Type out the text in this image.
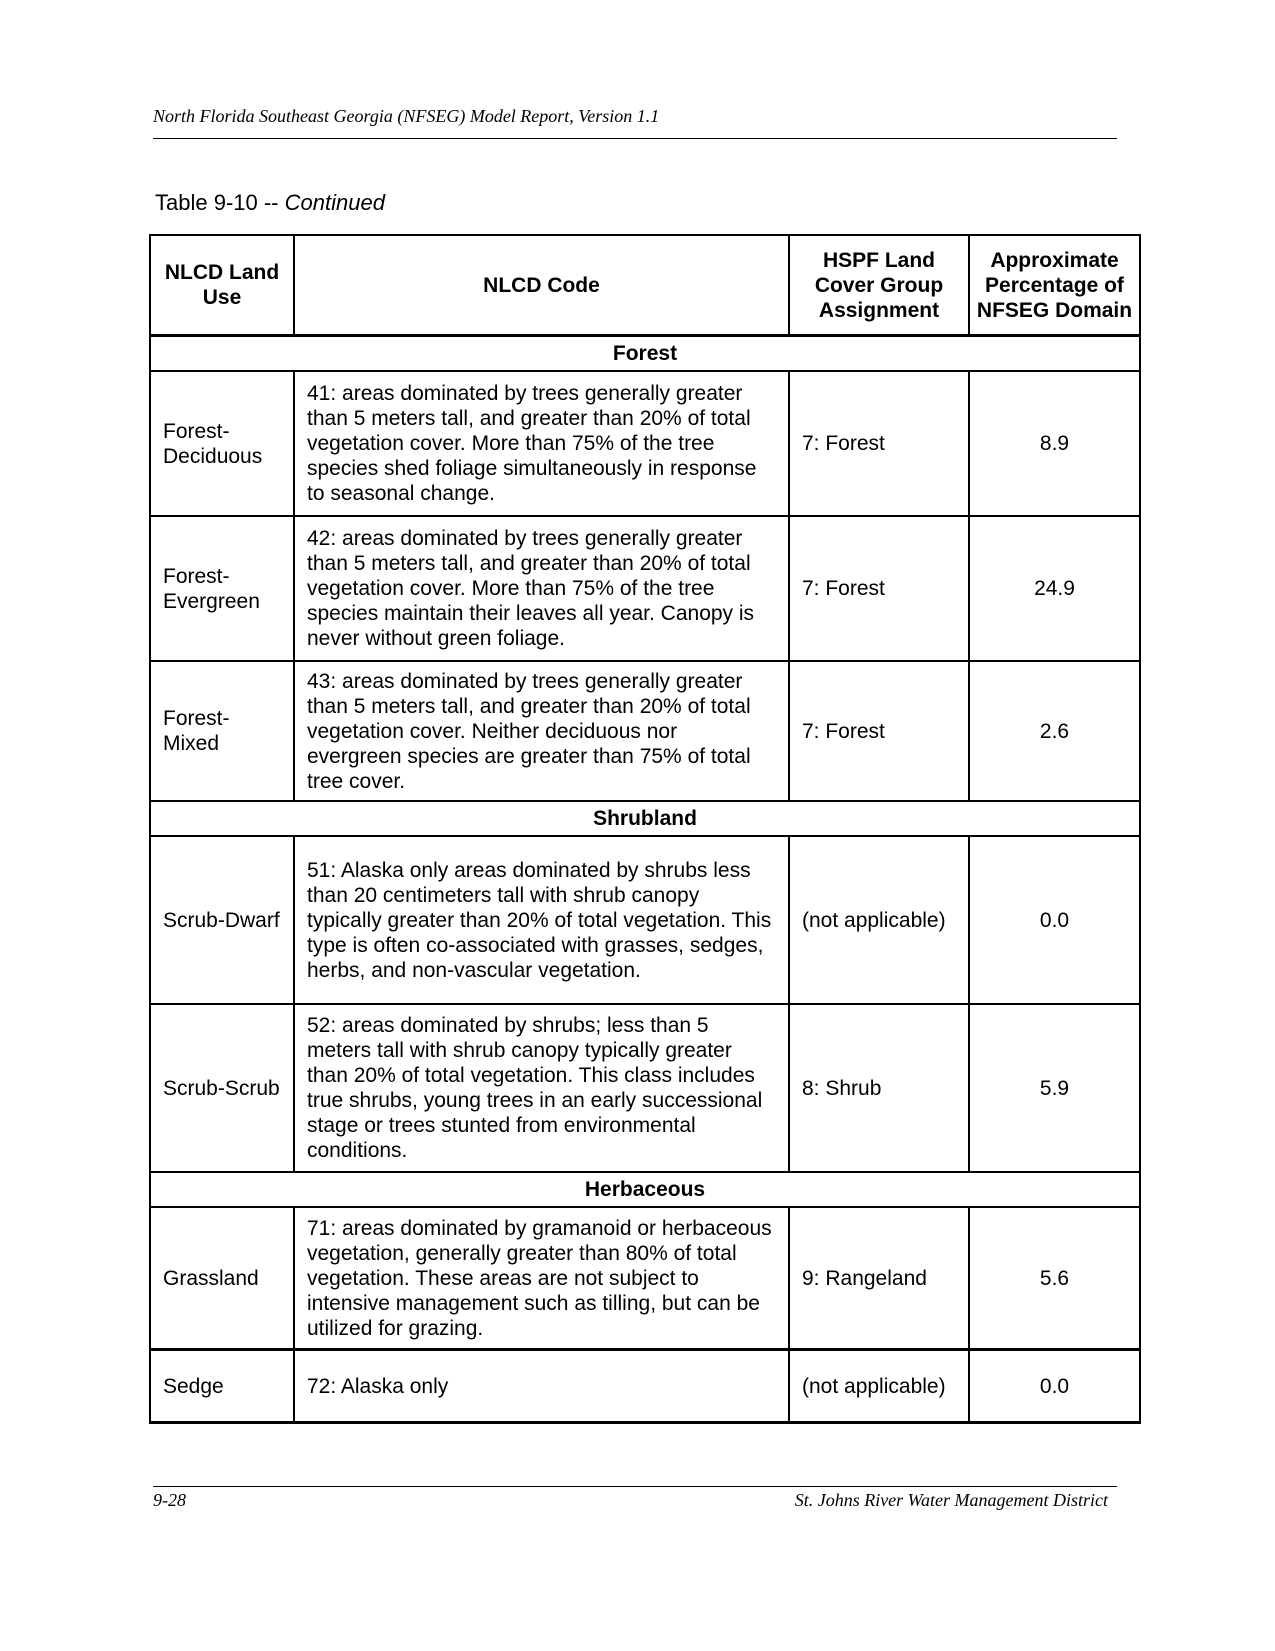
North Florida Southeast Georgia (NFSEG) Model Report, Version 1.1
Table 9-10 -- Continued
NLCD Land Use	NLCD Code	HSPF Land Cover Group Assignment	Approximate Percentage of NFSEG Domain
Forest			
Forest-Deciduous	41: areas dominated by trees generally greater than 5 meters tall, and greater than 20% of total vegetation cover. More than 75% of the tree species shed foliage simultaneously in response to seasonal change.	7: Forest	8.9
Forest-Evergreen	42: areas dominated by trees generally greater than 5 meters tall, and greater than 20% of total vegetation cover. More than 75% of the tree species maintain their leaves all year. Canopy is never without green foliage.	7: Forest	24.9
Forest-Mixed	43: areas dominated by trees generally greater than 5 meters tall, and greater than 20% of total vegetation cover. Neither deciduous nor evergreen species are greater than 75% of total tree cover.	7: Forest	2.6
Shrubland			
Scrub-Dwarf	51: Alaska only areas dominated by shrubs less than 20 centimeters tall with shrub canopy typically greater than 20% of total vegetation. This type is often co-associated with grasses, sedges, herbs, and non-vascular vegetation.	(not applicable)	0.0
Scrub-Scrub	52: areas dominated by shrubs; less than 5 meters tall with shrub canopy typically greater than 20% of total vegetation. This class includes true shrubs, young trees in an early successional stage or trees stunted from environmental conditions.	8: Shrub	5.9
Herbaceous			
Grassland	71: areas dominated by gramanoid or herbaceous vegetation, generally greater than 80% of total vegetation. These areas are not subject to intensive management such as tilling, but can be utilized for grazing.	9: Rangeland	5.6
Sedge	72: Alaska only	(not applicable)	0.0
9-28	St. Johns River Water Management District
